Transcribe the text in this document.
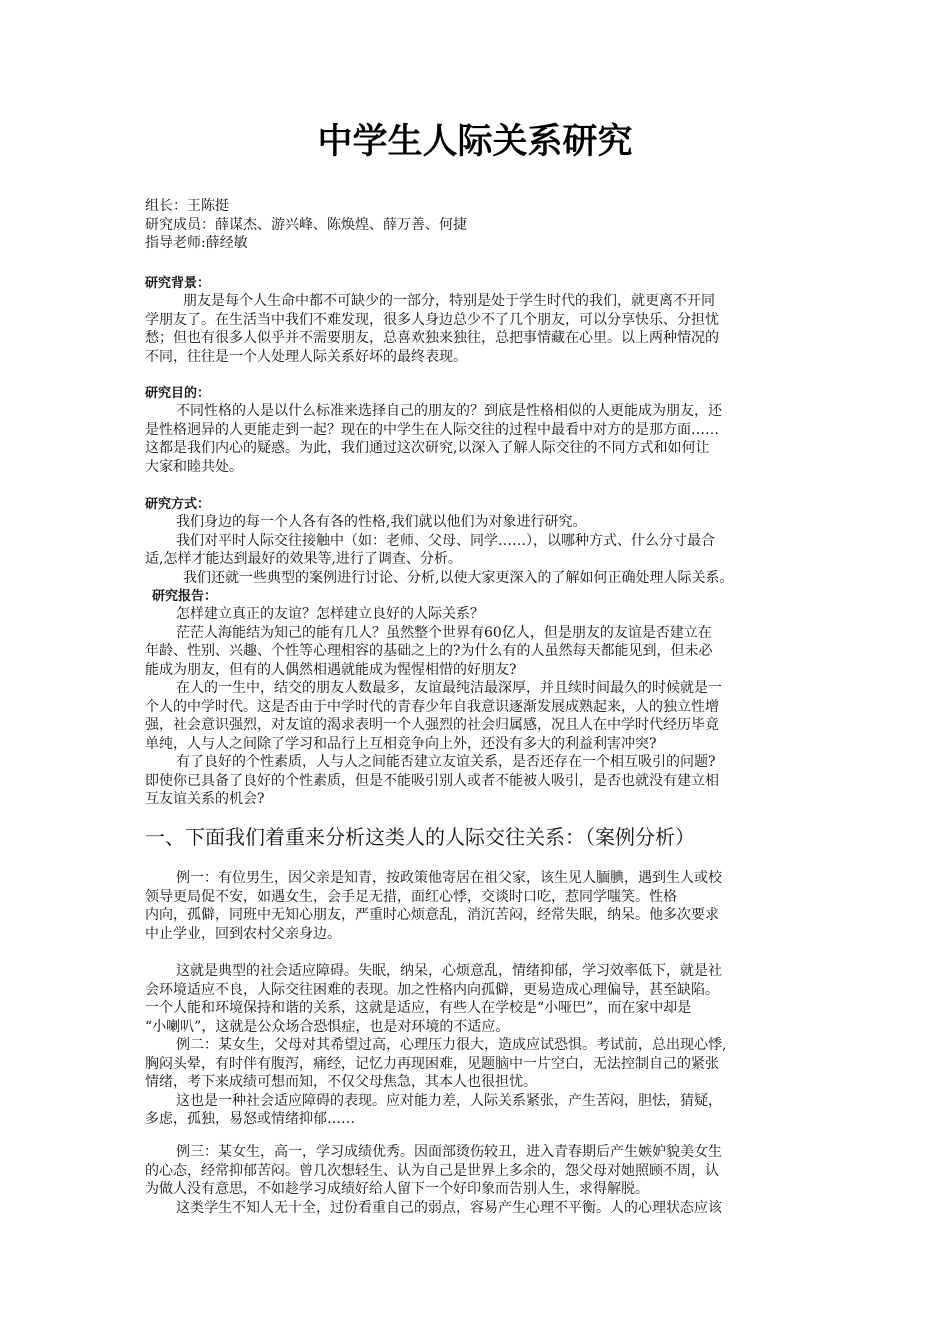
中学生人际关系研究
组长：王陈挺
研究成员：薛谋杰、游兴峰、陈焕煌、薛万善、何捷
指导老师:薛经敏
研究背景：
朋友是每个人生命中都不可缺少的一部分，特别是处于学生时代的我们，就更离不开同
学朋友了。在生活当中我们不难发现，很多人身边总少不了几个朋友，可以分享快乐、分担忧
愁；但也有很多人似乎并不需要朋友，总喜欢独来独往，总把事情藏在心里。以上两种情况的
不同，往往是一个人处理人际关系好坏的最终表现。
研究目的：
不同性格的人是以什么标准来选择自己的朋友的？到底是性格相似的人更能成为朋友，还
是性格迥异的人更能走到一起？现在的中学生在人际交往的过程中最看中对方的是那方面……
这都是我们内心的疑惑。为此，我们通过这次研究,以深入了解人际交往的不同方式和如何让
大家和睦共处。
研究方式：
我们身边的每一个人各有各的性格,我们就以他们为对象进行研究。
我们对平时人际交往接触中（如：老师、父母、同学……），以哪种方式、什么分寸最合
适,怎样才能达到最好的效果等,进行了调查、分析。
我们还就一些典型的案例进行讨论、分析,以使大家更深入的了解如何正确处理人际关系。
研究报告：
怎样建立真正的友谊？怎样建立良好的人际关系？
茫茫人海能结为知己的能有几人？虽然整个世界有60亿人，但是朋友的友谊是否建立在
年龄、性别、兴趣、个性等心理相容的基础之上的?为什么有的人虽然每天都能见到，但未必
能成为朋友，但有的人偶然相遇就能成为惺惺相惜的好朋友?
在人的一生中，结交的朋友人数最多，友谊最纯洁最深厚，并且续时间最久的时候就是一
个人的中学时代。这是否由于中学时代的青春少年自我意识逐渐发展成熟起来，人的独立性增
强，社会意识强烈，对友谊的渴求表明一个人强烈的社会归属感，况且人在中学时代经历毕竟
单纯，人与人之间除了学习和品行上互相竞争向上外，还没有多大的利益利害冲突?
有了良好的个性素质，人与人之间能否建立友谊关系，是否还存在一个相互吸引的问题?
即使你已具备了良好的个性素质，但是不能吸引别人或者不能被人吸引，是否也就没有建立相
互友谊关系的机会?
一、下面我们着重来分析这类人的人际交往关系：（案例分析）
例一：有位男生，因父亲是知青，按政策他寄居在祖父家，该生见人腼腆，遇到生人或校
领导更局促不安，如遇女生，会手足无措，面红心悸，交谈时口吃，惹同学嗤笑。性格
内向，孤僻，同班中无知心朋友，严重时心烦意乱，消沉苦闷，经常失眠，纳呆。他多次要求
中止学业，回到农村父亲身边。
这就是典型的社会适应障碍。失眠，纳呆，心烦意乱，情绪抑郁，学习效率低下，就是社
会环境适应不良，人际交往困难的表现。加之性格内向孤僻，更易造成心理偏导，甚至缺陷。
一个人能和环境保持和谐的关系，这就是适应，有些人在学校是“小哑巴”，而在家中却是
“小喇叭”，这就是公众场合恐惧症，也是对环境的不适应。
例二：某女生，父母对其希望过高，心理压力很大，造成应试恐惧。考试前，总出现心悸,
胸闷头晕，有时伴有腹泻，痛经，记忆力再现困难，见题脑中一片空白，无法控制自己的紧张
情绪，考下来成绩可想而知，不仅父母焦急，其本人也很担忧。
这也是一种社会适应障碍的表现。应对能力差，人际关系紧张，产生苦闷，胆怯，猜疑，
多虑，孤独，易怒或情绪抑郁……
例三：某女生，高一，学习成绩优秀。因面部烫伤较丑，进入青春期后产生嫉妒貌美女生
的心态，经常抑郁苦闷。曾几次想轻生、认为自己是世界上多余的，怨父母对她照顾不周，认
为做人没有意思，不如趁学习成绩好给人留下一个好印象而告别人生，求得解脱。
这类学生不知人无十全，过份看重自己的弱点，容易产生心理不平衡。人的心理状态应该
